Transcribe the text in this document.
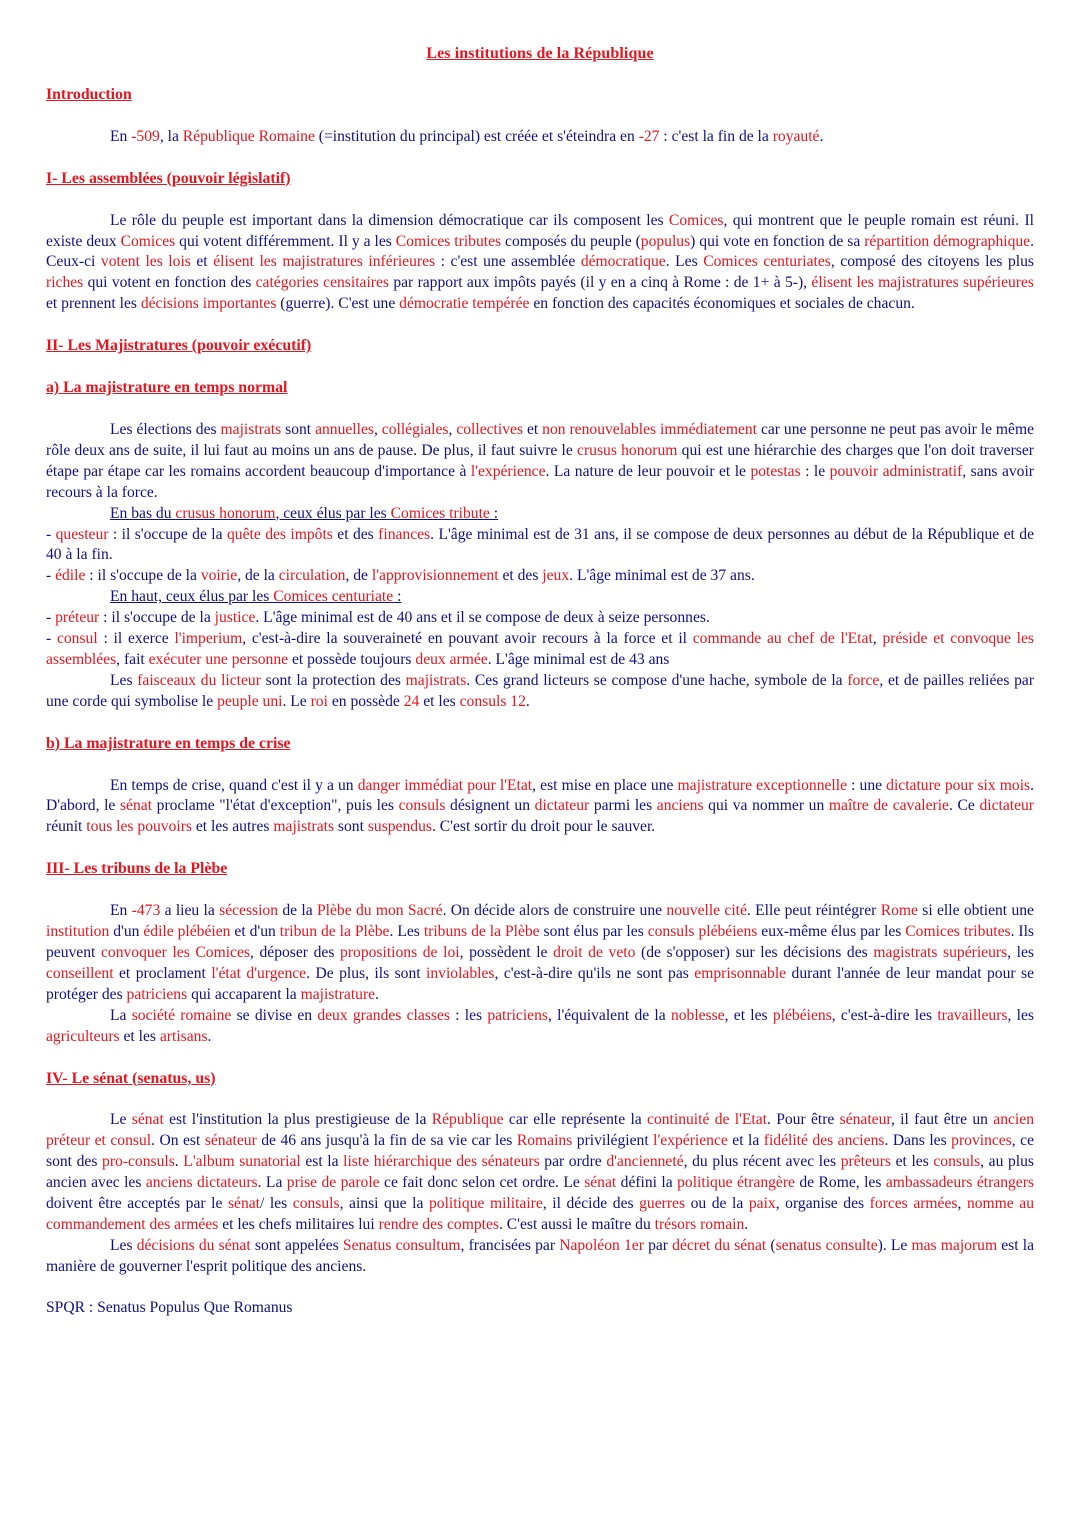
Les institutions de la République
Introduction

En -509, la République Romaine (=institution du principal) est créée et s'éteindra en -27 : c'est la fin de la royauté.

I- Les assemblées (pouvoir législatif)

Le rôle du peuple est important dans la dimension démocratique car ils composent les Comices, qui montrent que le peuple romain est réuni. Il existe deux Comices qui votent différemment. Il y a les Comices tributes composés du peuple (populus) qui vote en fonction de sa répartition démographique. Ceux-ci votent les lois et élisent les majistratures inférieures : c'est une assemblée démocratique. Les Comices centuriates, composé des citoyens les plus riches qui votent en fonction des catégories censitaires par rapport aux impôts payés (il y en a cinq à Rome : de 1+ à 5-), élisent les majistratures supérieures et prennent les décisions importantes (guerre). C'est une démocratie tempérée en fonction des capacités économiques et sociales de chacun.

II- Les Majistratures (pouvoir exécutif)
a) La majistrature en temps normal

Les élections des majistrats sont annuelles, collégiales, collectives et non renouvelables immédiatement car une personne ne peut pas avoir le même rôle deux ans de suite, il lui faut au moins un ans de pause. De plus, il faut suivre le crusus honorum qui est une hiérarchie des charges que l'on doit traverser étape par étape car les romains accordent beaucoup d'importance à l'expérience. La nature de leur pouvoir et le potestas : le pouvoir administratif, sans avoir recours à la force.

En bas du crusus honorum, ceux élus par les Comices tribute :

- questeur : il s'occupe de la quête des impôts et des finances. L'âge minimal est de 31 ans, il se compose de deux personnes au début de la République et de 40 à la fin.

- édile : il s'occupe de la voirie, de la circulation, de l'approvisionnement et des jeux. L'âge minimal est de 37 ans.

En haut, ceux élus par les Comices centuriate :

- préteur : il s'occupe de la justice. L'âge minimal est de 40 ans et il se compose de deux à seize personnes.

- consul : il exerce l'imperium, c'est-à-dire la souveraineté en pouvant avoir recours à la force et il commande au chef de l'Etat, préside et convoque les assemblées, fait exécuter une personne et possède toujours deux armée. L'âge minimal est de 43 ans

Les faisceaux du licteur sont la protection des majistrats. Ces grand licteurs se compose d'une hache, symbole de la force, et de pailles reliées par une corde qui symbolise le peuple uni. Le roi en possède 24 et les consuls 12.

b) La majistrature en temps de crise

En temps de crise, quand c'est il y a un danger immédiat pour l'Etat, est mise en place une majistrature exceptionnelle : une dictature pour six mois. D'abord, le sénat proclame "l'état d'exception", puis les consuls désignent un dictateur parmi les anciens qui va nommer un maître de cavalerie. Ce dictateur réunit tous les pouvoirs et les autres majistrats sont suspendus. C'est sortir du droit pour le sauver.

III- Les tribuns de la Plèbe

En -473 a lieu la sécession de la Plèbe du mon Sacré. On décide alors de construire une nouvelle cité. Elle peut réintégrer Rome si elle obtient une institution d'un édile plébéien et d'un tribun de la Plèbe. Les tribuns de la Plèbe sont élus par les consuls plébéiens eux-même élus par les Comices tributes. Ils peuvent convoquer les Comices, déposer des propositions de loi, possèdent le droit de veto (de s'opposer) sur les décisions des magistrats supérieurs, les conseillent et proclament l'état d'urgence. De plus, ils sont inviolables, c'est-à-dire qu'ils ne sont pas emprisonnable durant l'année de leur mandat pour se protéger des patriciens qui accaparent la majistrature.

La société romaine se divise en deux grandes classes : les patriciens, l'équivalent de la noblesse, et les plébéiens, c'est-à-dire les travailleurs, les agriculteurs et les artisans.

IV- Le sénat (senatus, us)

Le sénat est l'institution la plus prestigieuse de la République car elle représente la continuité de l'Etat. Pour être sénateur, il faut être un ancien préteur et consul. On est sénateur de 46 ans jusqu'à la fin de sa vie car les Romains privilégient l'expérience et la fidélité des anciens. Dans les provinces, ce sont des pro-consuls. L'album sunatorial est la liste hiérarchique des sénateurs par ordre d'ancienneté, du plus récent avec les prêteurs et les consuls, au plus ancien avec les anciens dictateurs. La prise de parole ce fait donc selon cet ordre. Le sénat défini la politique étrangère de Rome, les ambassadeurs étrangers doivent être acceptés par le sénat/ les consuls, ainsi que la politique militaire, il décide des guerres ou de la paix, organise des forces armées, nomme au commandement des armées et les chefs militaires lui rendre des comptes. C'est aussi le maître du trésors romain.

Les décisions du sénat sont appelées Senatus consultum, francisées par Napoléon 1er par décret du sénat (senatus consulte). Le mas majorum est la manière de gouverner l'esprit politique des anciens.

SPQR : Senatus Populus Que Romanus
